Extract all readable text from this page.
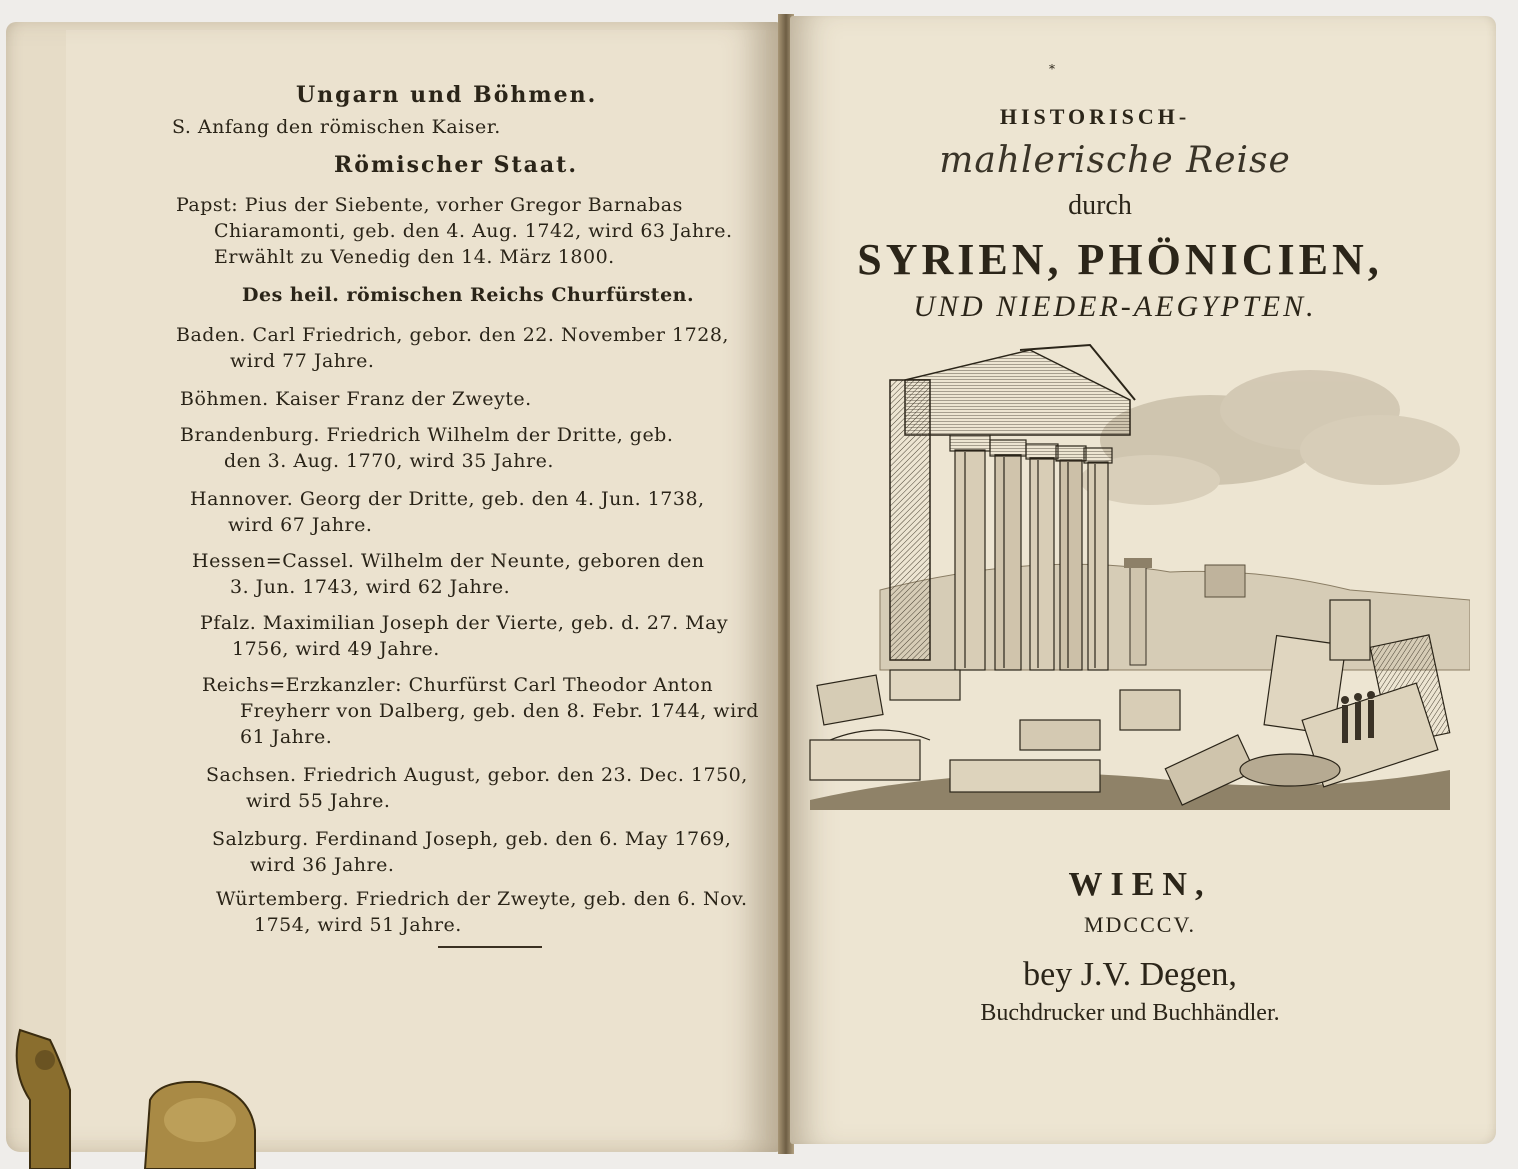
Ungarn und Böhmen.
S. Anfang den römischen Kaiser.
Römischer Staat.
Papst: Pius der Siebente, vorher Gregor Barnabas
Chiaramonti, geb. den 4. Aug. 1742, wird 63 Jahre.
Erwählt zu Venedig den 14. März 1800.
Des heil. römischen Reichs Churfürsten.
Baden. Carl Friedrich, gebor. den 22. November 1728,
wird 77 Jahre.
Böhmen. Kaiser Franz der Zweyte.
Brandenburg. Friedrich Wilhelm der Dritte, geb.
den 3. Aug. 1770, wird 35 Jahre.
Hannover. Georg der Dritte, geb. den 4. Jun. 1738,
wird 67 Jahre.
Hessen=Cassel. Wilhelm der Neunte, geboren den
3. Jun. 1743, wird 62 Jahre.
Pfalz. Maximilian Joseph der Vierte, geb. d. 27. May
1756, wird 49 Jahre.
Reichs=Erzkanzler: Churfürst Carl Theodor Anton
Freyherr von Dalberg, geb. den 8. Febr. 1744, wird
61 Jahre.
Sachsen. Friedrich August, gebor. den 23. Dec. 1750,
wird 55 Jahre.
Salzburg. Ferdinand Joseph, geb. den 6. May 1769,
wird 36 Jahre.
Würtemberg. Friedrich der Zweyte, geb. den 6. Nov.
1754, wird 51 Jahre.
*
HISTORISCH-
mahlerische Reise
durch
SYRIEN, PHÖNICIEN,
UND NIEDER-AEGYPTEN.
WIEN,
MDCCCV.
bey J.V. Degen,
Buchdrucker und Buchhändler.
